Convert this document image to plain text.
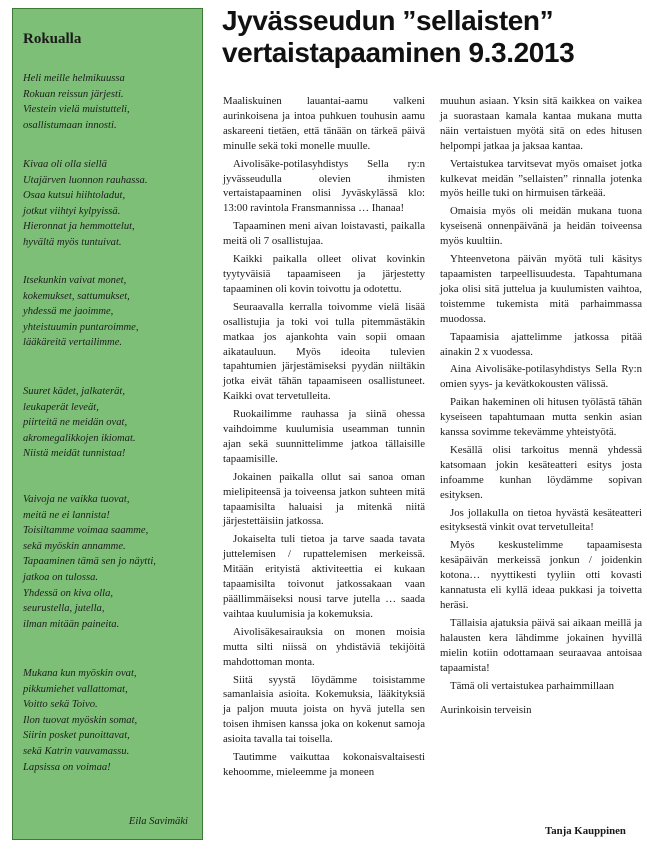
Rokualla

Heli meille helmikuussa
Rokuan reissun järjesti.
Viestein vielä muistutteli,
osallistumaan innosti.

Kivaa oli olla siellä
Utajärven luonnon rauhassa.
Osaa kutsui hiihtoladut,
jotkut viihtyi kylpyissä.
Hieronnat ja hemmottelut,
hyvältä myös tuntuivat.

Itsekunkin vaivat monet,
kokemukset, sattumukset,
yhdessä me jaoimme,
yhteistuumin puntaroimme,
lääkäreitä vertailimme.

Suuret kädet, jalkaterät,
leukaperät leveät,
piirteitä ne meidän ovat,
akromegalikkojen ikiomat.
Niistä meidät tunnistaa!

Vaivoja ne vaikka tuovat,
meitä ne ei lannista!
Toisiltamme voimaa saamme,
sekä myöskin annamme.
Tapaaminen tämä sen jo näytti,
jatkoa on tulossa.
Yhdessä on kiva olla,
seurustella, jutella,
ilman mitään paineita.

Mukana kun myöskin ovat,
pikkumiehet vallattomat,
Voitto sekä Toivo.
Ilon tuovat myöskin somat,
Siirin posket punoittavat,
sekä Katrin vauvamassu.
Lapsissa on voimaa!

Eila Savimäki
Jyvässeudun ”sellaisten”
vertaistapaaminen 9.3.2013

Maaliskuinen lauantai-aamu valkeni aurinkoisena ja intoa puhkuen touhusin aamu askareeni tietäen, että tänään on tärkeä päivä minulle sekä toki monelle muulle.

Aivolisäke-potilasyhdistys Sella ry:n jyvässeudulla olevien ihmisten vertaistapaaminen olisi Jyväskylässä klo: 13:00 ravintola Fransmannissa … Ihanaa!

Tapaaminen meni aivan loistavasti, paikalla meitä oli 7 osallistujaa.

Kaikki paikalla olleet olivat kovinkin tyytyväisiä tapaamiseen ja järjestetty tapaaminen oli kovin toivottu ja odotettu.

Seuraavalla kerralla toivomme vielä lisää osallistujia ja toki voi tulla pitemmästäkin matkaa jos ajankohta vain sopii omaan aikatauluun. Myös ideoita tulevien tapahtumien järjestämiseksi pyydän niiltäkin jotka eivät tähän tapaamiseen osallistuneet. Kaikki ovat tervetulleita.

Ruokailimme rauhassa ja siinä ohessa vaihdoimme kuulumisia useamman tunnin ajan sekä suunnittelimme jatkoa tällaisille tapaamisille.

Jokainen paikalla ollut sai sanoa oman mielipiteensä ja toiveensa jatkon suhteen mitä tapaamisilta haluaisi ja mitenkä niitä järjestettäisiin jatkossa.

Jokaiselta tuli tietoa ja tarve saada tavata juttelemisen / rupattelemisen merkeissä. Mitään erityistä aktiviteettia ei kukaan tapaamisilta toivonut jatkossakaan vaan päällimmäiseksi nousi tarve jutella … saada vaihtaa kuulumisia ja kokemuksia.

Aivolisäkesairauksia on monen moisia mutta silti niissä on yhdistäviä tekijöitä mahdottoman monta.

Siitä syystä löydämme toisistamme samanlaisia asioita. Kokemuksia, lääkityksiä ja paljon muuta joista on hyvä jutella sen toisen ihmisen kanssa joka on kokenut samoja asioita tavalla tai toisella.

Tautimme vaikuttaa kokonaisvaltaisesti kehoomme, mieleemme ja moneen

muuhun asiaan. Yksin sitä kaikkea on vaikea ja suorastaan kamala kantaa mukana mutta näin vertaistuen myötä sitä on edes hitusen helpompi jatkaa ja jaksaa kantaa.

Vertaistukea tarvitsevat myös omaiset jotka kulkevat meidän ”sellaisten” rinnalla jotenka myös heille tuki on hirmuisen tärkeää.

Omaisia myös oli meidän mukana tuona kyseisenä onnenpäivänä ja heidän toiveensa myös kuultiin.

Yhteenvetona päivän myötä tuli käsitys tapaamisten tarpeellisuudesta. Tapahtumana joka olisi sitä juttelua ja kuulumisten vaihtoa, toistemme tukemista mitä parhaimmassa muodossa.

Tapaamisia ajattelimme jatkossa pitää ainakin 2 x vuodessa.

Aina Aivolisäke-potilasyhdistys Sella Ry:n omien syys- ja kevätkokousten välissä.

Paikan hakeminen oli hitusen työlästä tähän kyseiseen tapahtumaan mutta senkin asian kanssa sovimme tekevämme yhteistyötä.

Kesällä olisi tarkoitus mennä yhdessä katsomaan jokin kesäteatteri esitys josta infoamme kunhan löydämme sopivan esityksen.

Jos jollakulla on tietoa hyvästä kesäteatteri esityksestä vinkit ovat tervetulleita!

Myös keskustelimme tapaamisesta kesäpäivän merkeissä jonkun / joidenkin kotona… nyyttikesti tyyliin otti kovasti kannatusta eli kyllä ideaa pukkasi ja toivetta heräsi.

Tällaisia ajatuksia päivä sai aikaan meillä ja halausten kera lähdimme jokainen hyvillä mielin kotiin odottamaan seuraavaa antoisaa tapaamista!

Tämä oli vertaistukea parhaimmillaan

Aurinkoisin terveisin

Tanja Kauppinen
